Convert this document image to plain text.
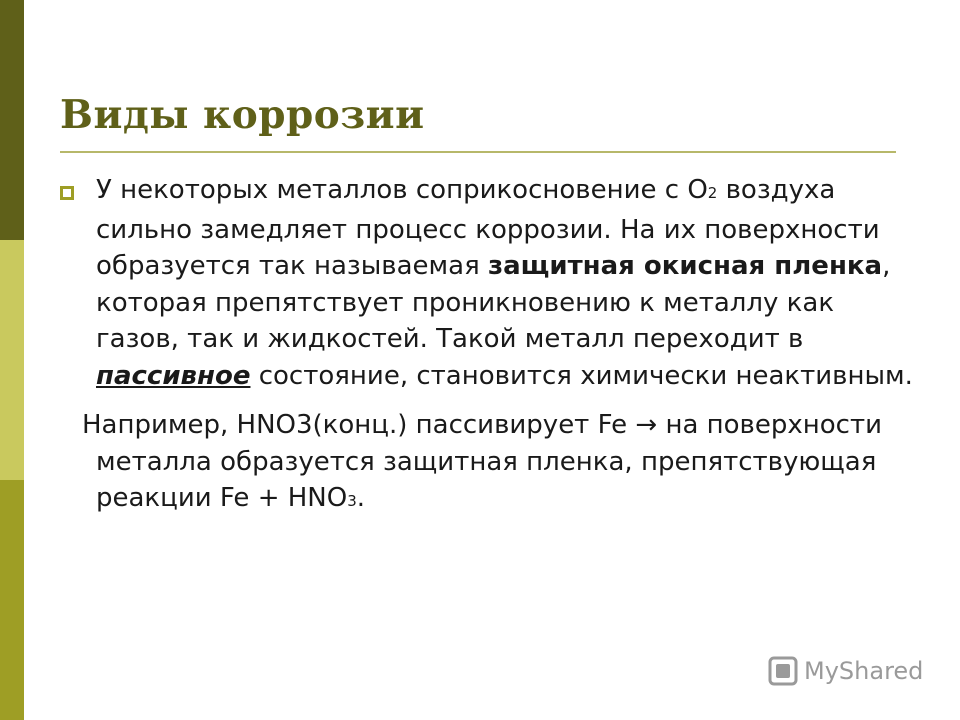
Виды коррозии

У некоторых металлов соприкосновение с O2 воздуха сильно замедляет процесс коррозии. На их поверхности образуется так называемая защитная окисная пленка, которая препятствует проникновению к металлу как газов, так и жидкостей. Такой металл переходит в пассивное состояние, становится химически неактивным.

Например, HNO3(конц.) пассивирует Fe → на поверхности металла образуется защитная пленка, препятствующая реакции Fe + HNO3.

MyShared
